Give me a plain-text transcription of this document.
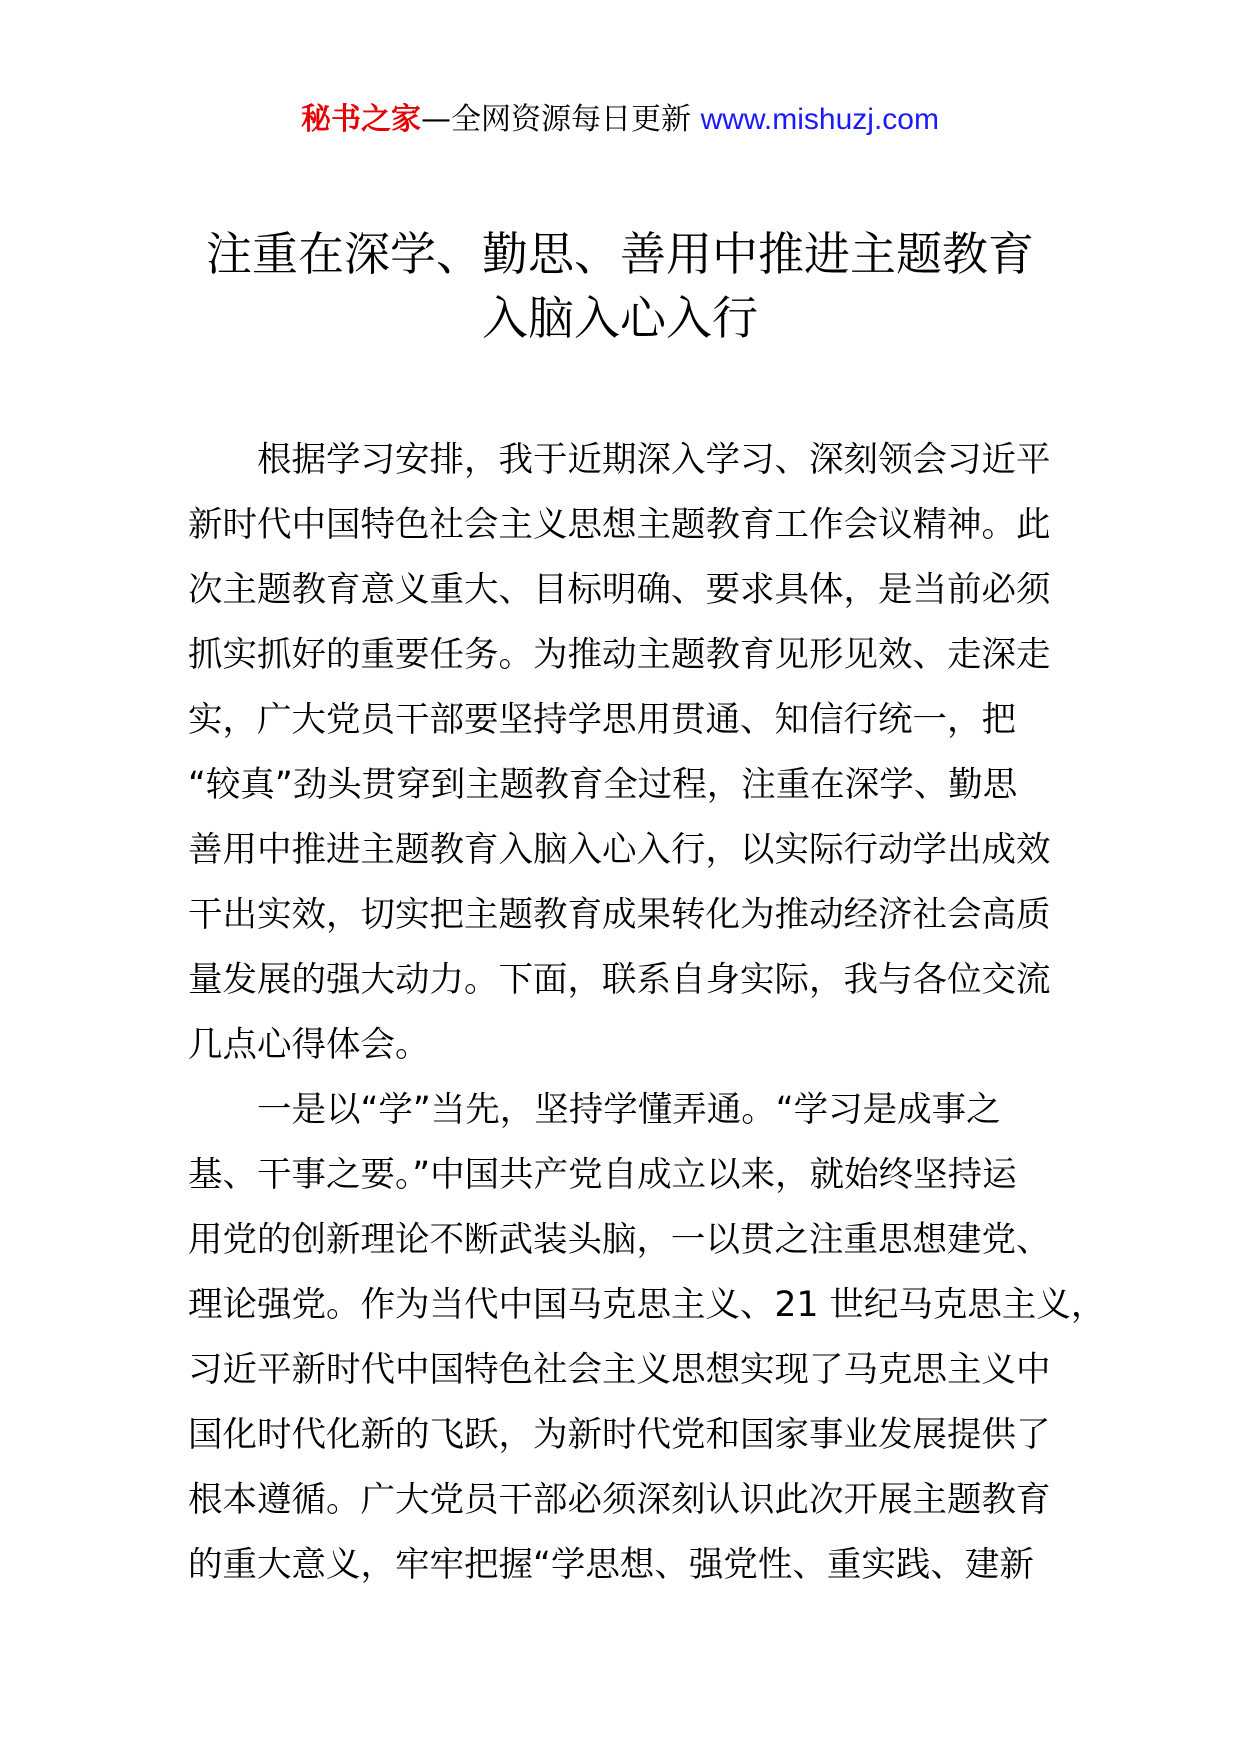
秘书之家—全网资源每日更新 www.mishuzj.com
注重在深学、勤思、善用中推进主题教育
入脑入心入行
根据学习安排，我于近期深入学习、深刻领会习近平
新时代中国特色社会主义思想主题教育工作会议精神。此
次主题教育意义重大、目标明确、要求具体，是当前必须
抓实抓好的重要任务。为推动主题教育见形见效、走深走
实，广大党员干部要坚持学思用贯通、知信行统一，把
“较真”劲头贯穿到主题教育全过程，注重在深学、勤思
善用中推进主题教育入脑入心入行，以实际行动学出成效
干出实效，切实把主题教育成果转化为推动经济社会高质
量发展的强大动力。下面，联系自身实际，我与各位交流
几点心得体会。
一是以“学”当先，坚持学懂弄通。“学习是成事之
基、干事之要。”中国共产党自成立以来，就始终坚持运
用党的创新理论不断武装头脑，一以贯之注重思想建党、
理论强党。作为当代中国马克思主义、21 世纪马克思主义，
习近平新时代中国特色社会主义思想实现了马克思主义中
国化时代化新的飞跃，为新时代党和国家事业发展提供了
根本遵循。广大党员干部必须深刻认识此次开展主题教育
的重大意义，牢牢把握“学思想、强党性、重实践、建新
